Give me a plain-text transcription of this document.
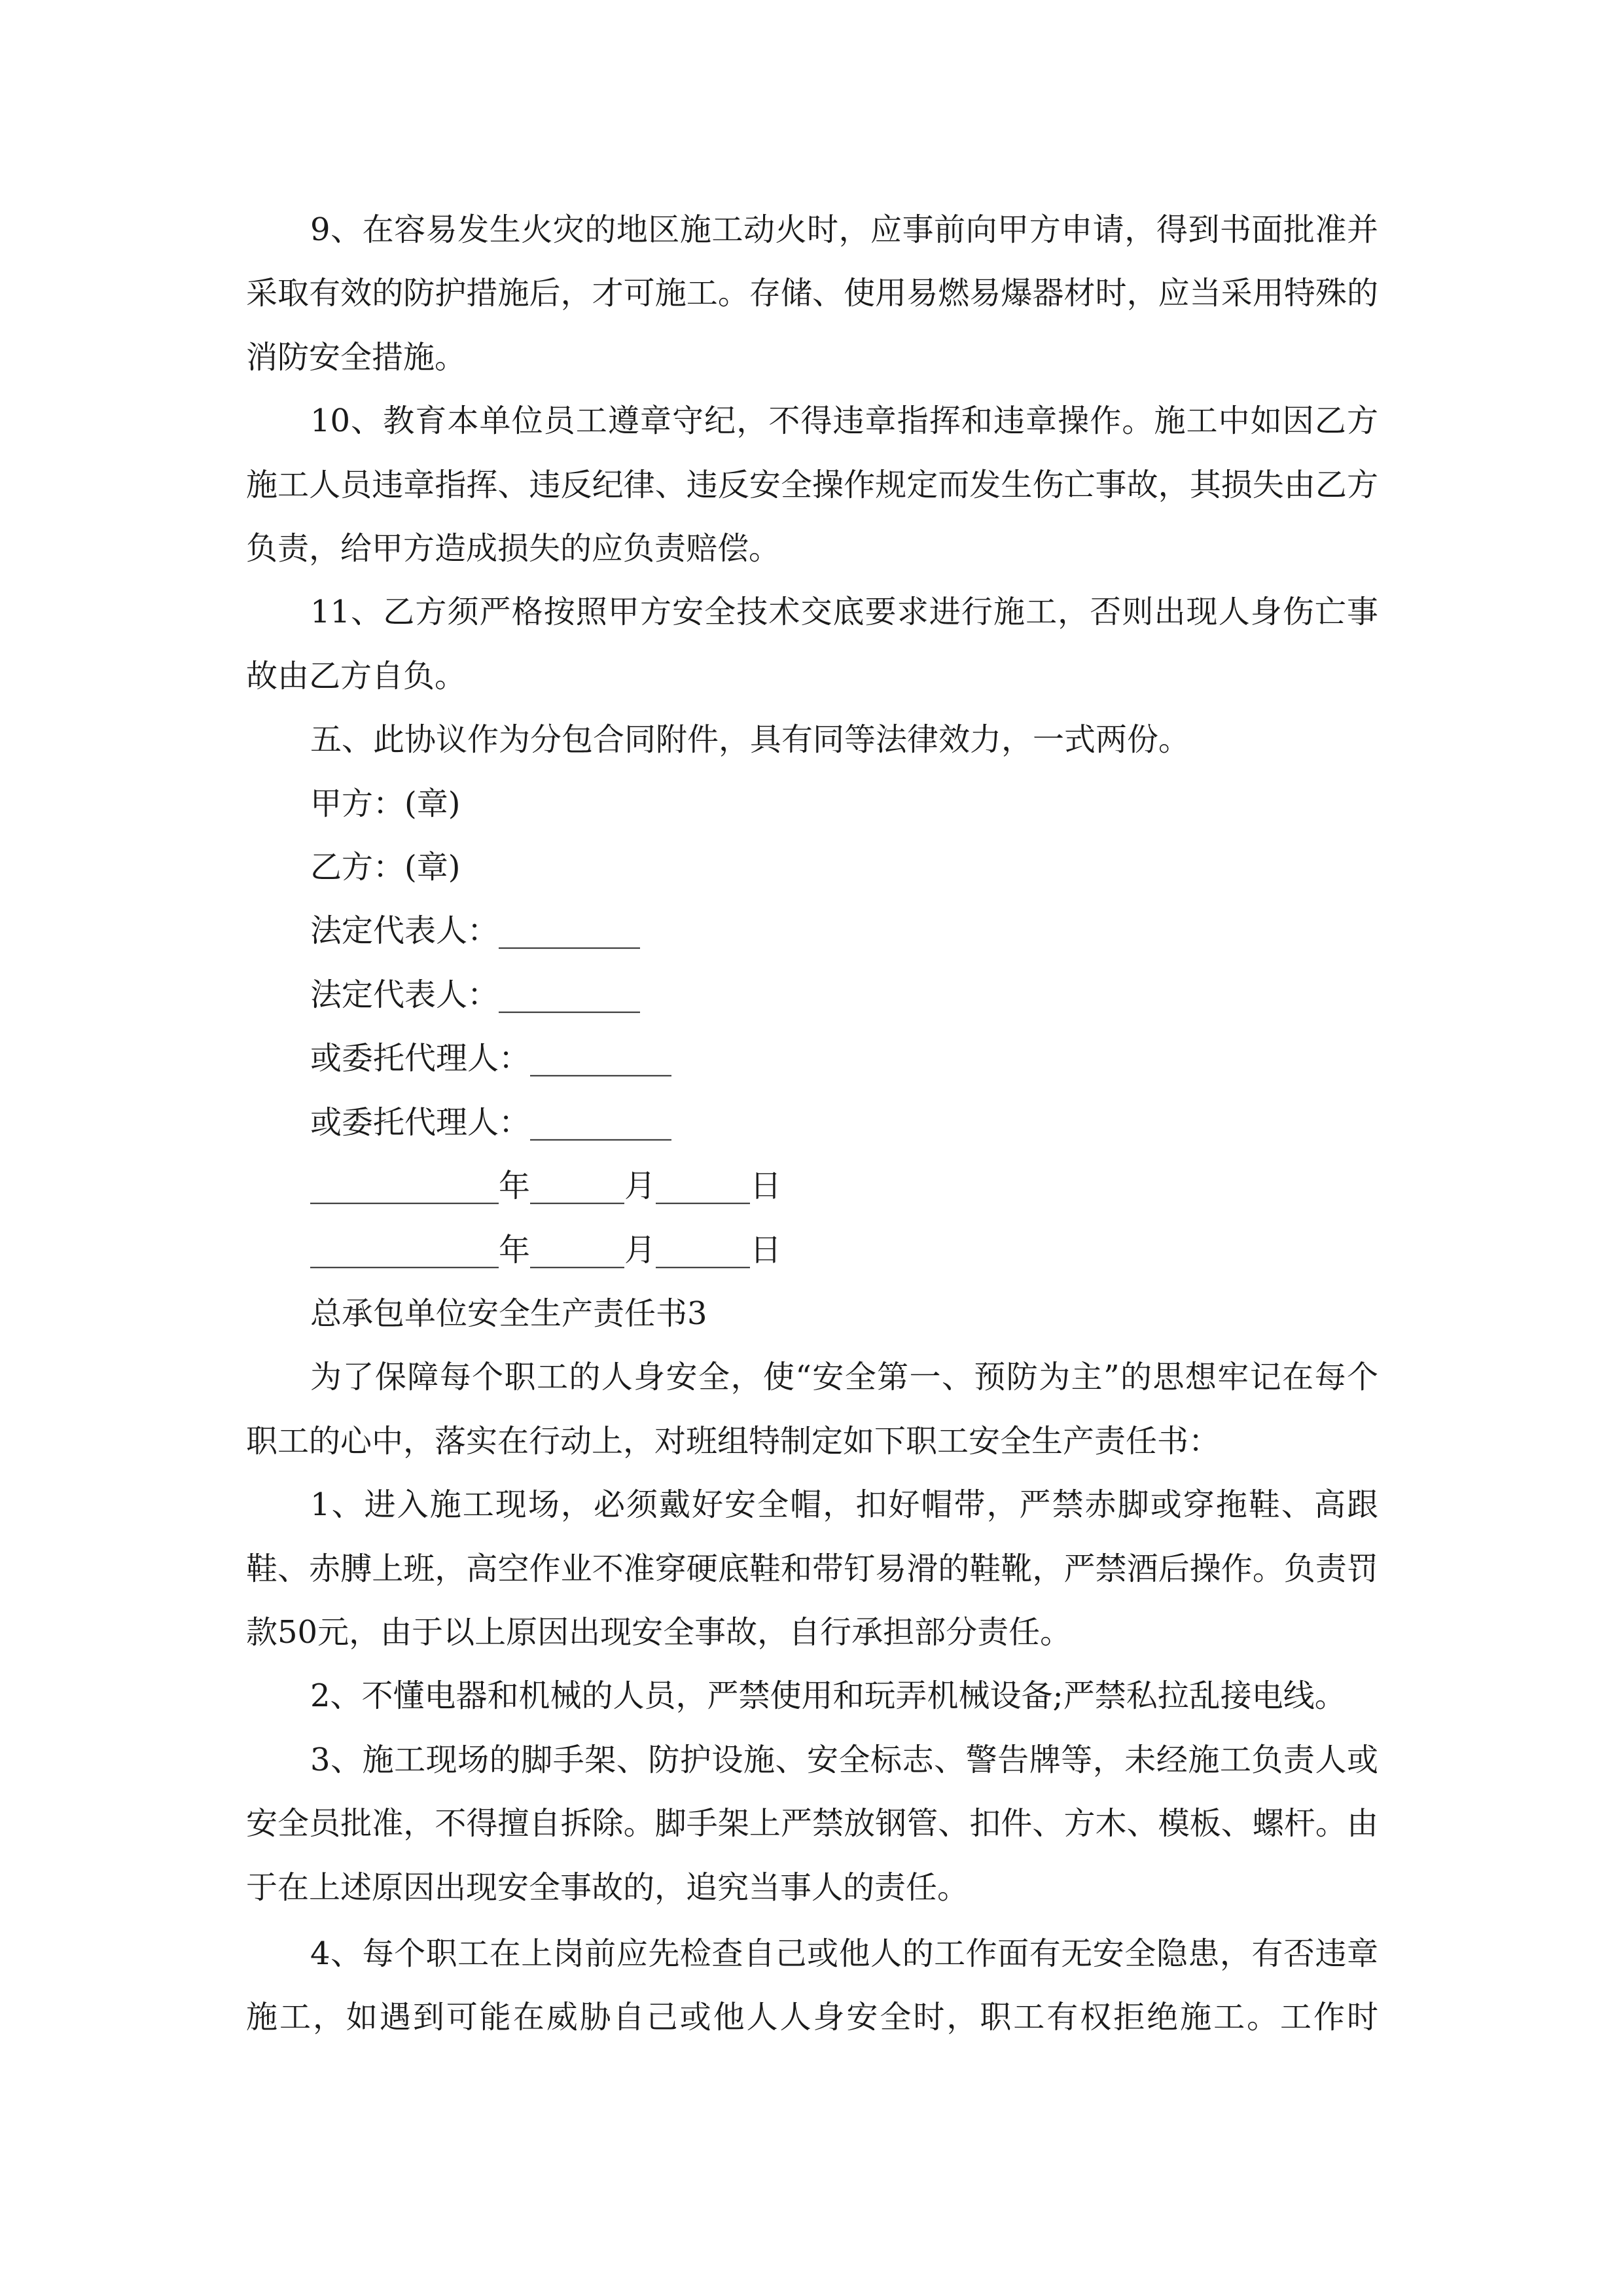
9、在容易发生火灾的地区施工动火时，应事前向甲方申请，得到书面批准并采取有效的防护措施后，才可施工。存储、使用易燃易爆器材时，应当采用特殊的消防安全措施。

10、教育本单位员工遵章守纪，不得违章指挥和违章操作。施工中如因乙方施工人员违章指挥、违反纪律、违反安全操作规定而发生伤亡事故，其损失由乙方负责，给甲方造成损失的应负责赔偿。

11、乙方须严格按照甲方安全技术交底要求进行施工，否则出现人身伤亡事故由乙方自负。

五、此协议作为分包合同附件，具有同等法律效力，一式两份。

甲方：(章)

乙方：(章)

法定代表人：_________

法定代表人：_________

或委托代理人：_________

或委托代理人：_________

____________年______月______日

____________年______月______日

总承包单位安全生产责任书3

为了保障每个职工的人身安全，使“安全第一、预防为主”的思想牢记在每个职工的心中，落实在行动上，对班组特制定如下职工安全生产责任书：

1、进入施工现场，必须戴好安全帽，扣好帽带，严禁赤脚或穿拖鞋、高跟鞋、赤膊上班，高空作业不准穿硬底鞋和带钉易滑的鞋靴，严禁酒后操作。负责罚款50元，由于以上原因出现安全事故，自行承担部分责任。

2、不懂电器和机械的人员，严禁使用和玩弄机械设备;严禁私拉乱接电线。

3、施工现场的脚手架、防护设施、安全标志、警告牌等，未经施工负责人或安全员批准，不得擅自拆除。脚手架上严禁放钢管、扣件、方木、模板、螺杆。由于在上述原因出现安全事故的，追究当事人的责任。

4、每个职工在上岗前应先检查自己或他人的工作面有无安全隐患，有否违章施工，如遇到可能在威胁自己或他人人身安全时，职工有权拒绝施工。工作时
